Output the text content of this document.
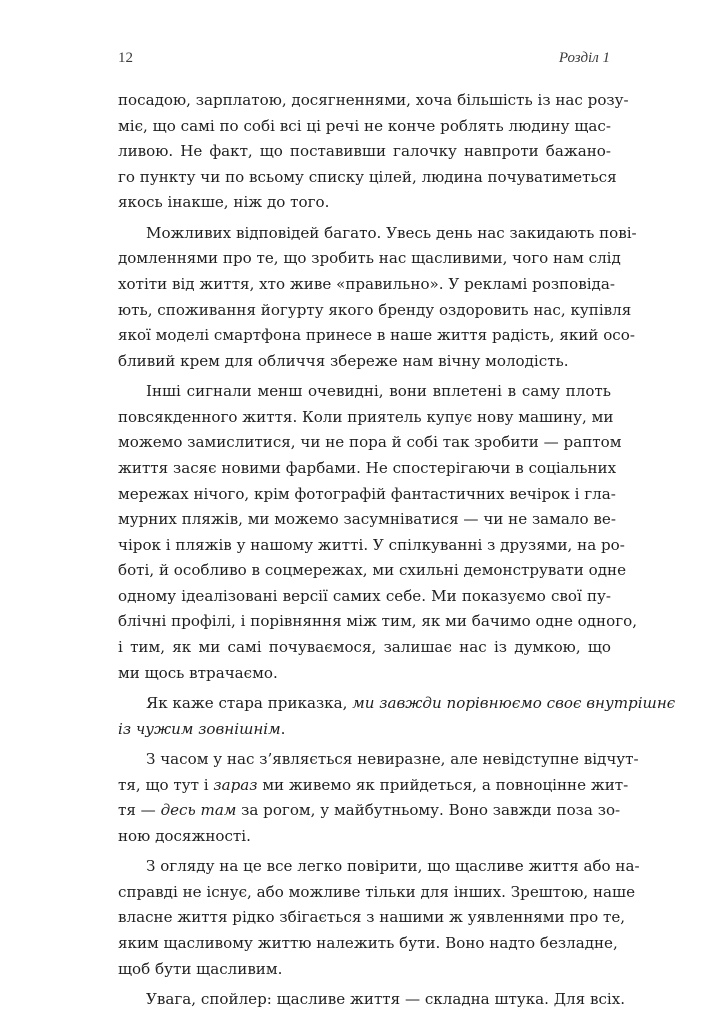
12	Розділ 1
посадою, зарплатою, досягненнями, хоча більшість із нас розу-
міє, що самі по собі всі ці речі не конче роблять людину щас-
ливою. Не факт, що поставивши галочку навпроти бажано-
го пункту чи по всьому списку цілей, людина почуватиметься
якось інакше, ніж до того.
Можливих відповідей багато. Увесь день нас закидають пові-
домленнями про те, що зробить нас щасливими, чого нам слід
хотіти від життя, хто живе «правильно». У рекламі розповіда-
ють, споживання йогурту якого бренду оздоровить нас, купівля
якої моделі смартфона принесе в наше життя радість, який осо-
бливий крем для обличчя збереже нам вічну молодість.
Інші сигнали менш очевидні, вони вплетені в саму плоть
повсякденного життя. Коли приятель купує нову машину, ми
можемо замислитися, чи не пора й собі так зробити — раптом
життя засяє новими фарбами. Не спостерігаючи в соціальних
мережах нічого, крім фотографій фантастичних вечірок і гла-
мурних пляжів, ми можемо засумніватися — чи не замало ве-
чірок і пляжів у нашому житті. У спілкуванні з друзями, на ро-
боті, й особливо в соцмережах, ми схильні демонструвати одне
одному ідеалізовані версії самих себе. Ми показуємо свої пу-
блічні профілі, і порівняння між тим, як ми бачимо одне одного,
і тим, як ми самі почуваємося, залишає нас із думкою, що
ми щось втрачаємо.
Як каже стара приказка, ми завжди порівнюємо своє внутрішнє
із чужим зовнішнім.
З часом у нас з’являється невиразне, але невідступне відчут-
тя, що тут і зараз ми живемо як прийдеться, а повноцінне жит-
тя — десь там за рогом, у майбутньому. Воно завжди поза зо-
ною досяжності.
З огляду на це все легко повірити, що щасливе життя або на-
справді не існує, або можливе тільки для інших. Зрештою, наше
власне життя рідко збігається з нашими ж уявленнями про те,
яким щасливому життю належить бути. Воно надто безладне,
щоб бути щасливим.
Увага, спойлер: щасливе життя — складна штука. Для всіх.
